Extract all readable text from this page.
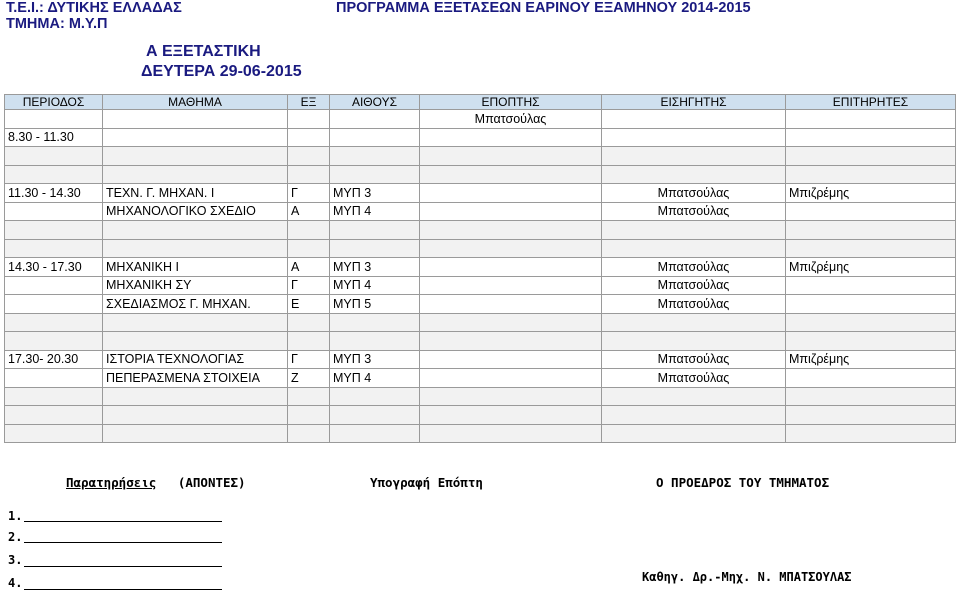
Τ.Ε.Ι.: ΔΥΤΙΚΗΣ ΕΛΛΑΔΑΣ
ΤΜΗΜΑ: Μ.Υ.Π
ΠΡΟΓΡΑΜΜΑ ΕΞΕΤΑΣΕΩΝ ΕΑΡΙΝΟΥ ΕΞΑΜΗΝΟΥ 2014-2015
Α ΕΞΕΤΑΣΤΙΚΗ
ΔΕΥΤΕΡΑ 29-06-2015
ΠΕΡΙΟΔΟΣ	ΜΑΘΗΜΑ	ΕΞ	ΑΙΘΟΥΣ	ΕΠΟΠΤΗΣ	ΕΙΣΗΓΗΤΗΣ	ΕΠΙΤΗΡΗΤΕΣ
				Μπατσούλας		
8.30 - 11.30						

11.30 - 14.30	ΤΕΧΝ. Γ. ΜΗΧΑΝ. Ι	Γ	ΜΥΠ 3		Μπατσούλας	Μπιζρέμης
	ΜΗΧΑΝΟΛΟΓΙΚΟ ΣΧΕΔΙΟ	Α	ΜΥΠ 4		Μπατσούλας	

14.30 - 17.30	ΜΗΧΑΝΙΚΗ Ι	Α	ΜΥΠ 3		Μπατσούλας	Μπιζρέμης
	ΜΗΧΑΝΙΚΗ ΣΥ	Γ	ΜΥΠ 4		Μπατσούλας	
	ΣΧΕΔΙΑΣΜΟΣ Γ. ΜΗΧΑΝ.	Ε	ΜΥΠ 5		Μπατσούλας	

17.30- 20.30	ΙΣΤΟΡΙΑ ΤΕΧΝΟΛΟΓΙΑΣ	Γ	ΜΥΠ 3		Μπατσούλας	Μπιζρέμης
	ΠΕΠΕΡΑΣΜΕΝΑ ΣΤΟΙΧΕΙΑ	Ζ	ΜΥΠ 4		Μπατσούλας	

Παρατηρήσεις (ΑΠΟΝΤΕΣ)	Υπογραφή Επόπτη	Ο ΠΡΟΕΔΡΟΣ ΤΟΥ ΤΜΗΜΑΤΟΣ
1.
2.
3.
4.	Καθηγ. Δρ.-Μηχ. Ν. ΜΠΑΤΣΟΥΛΑΣ
